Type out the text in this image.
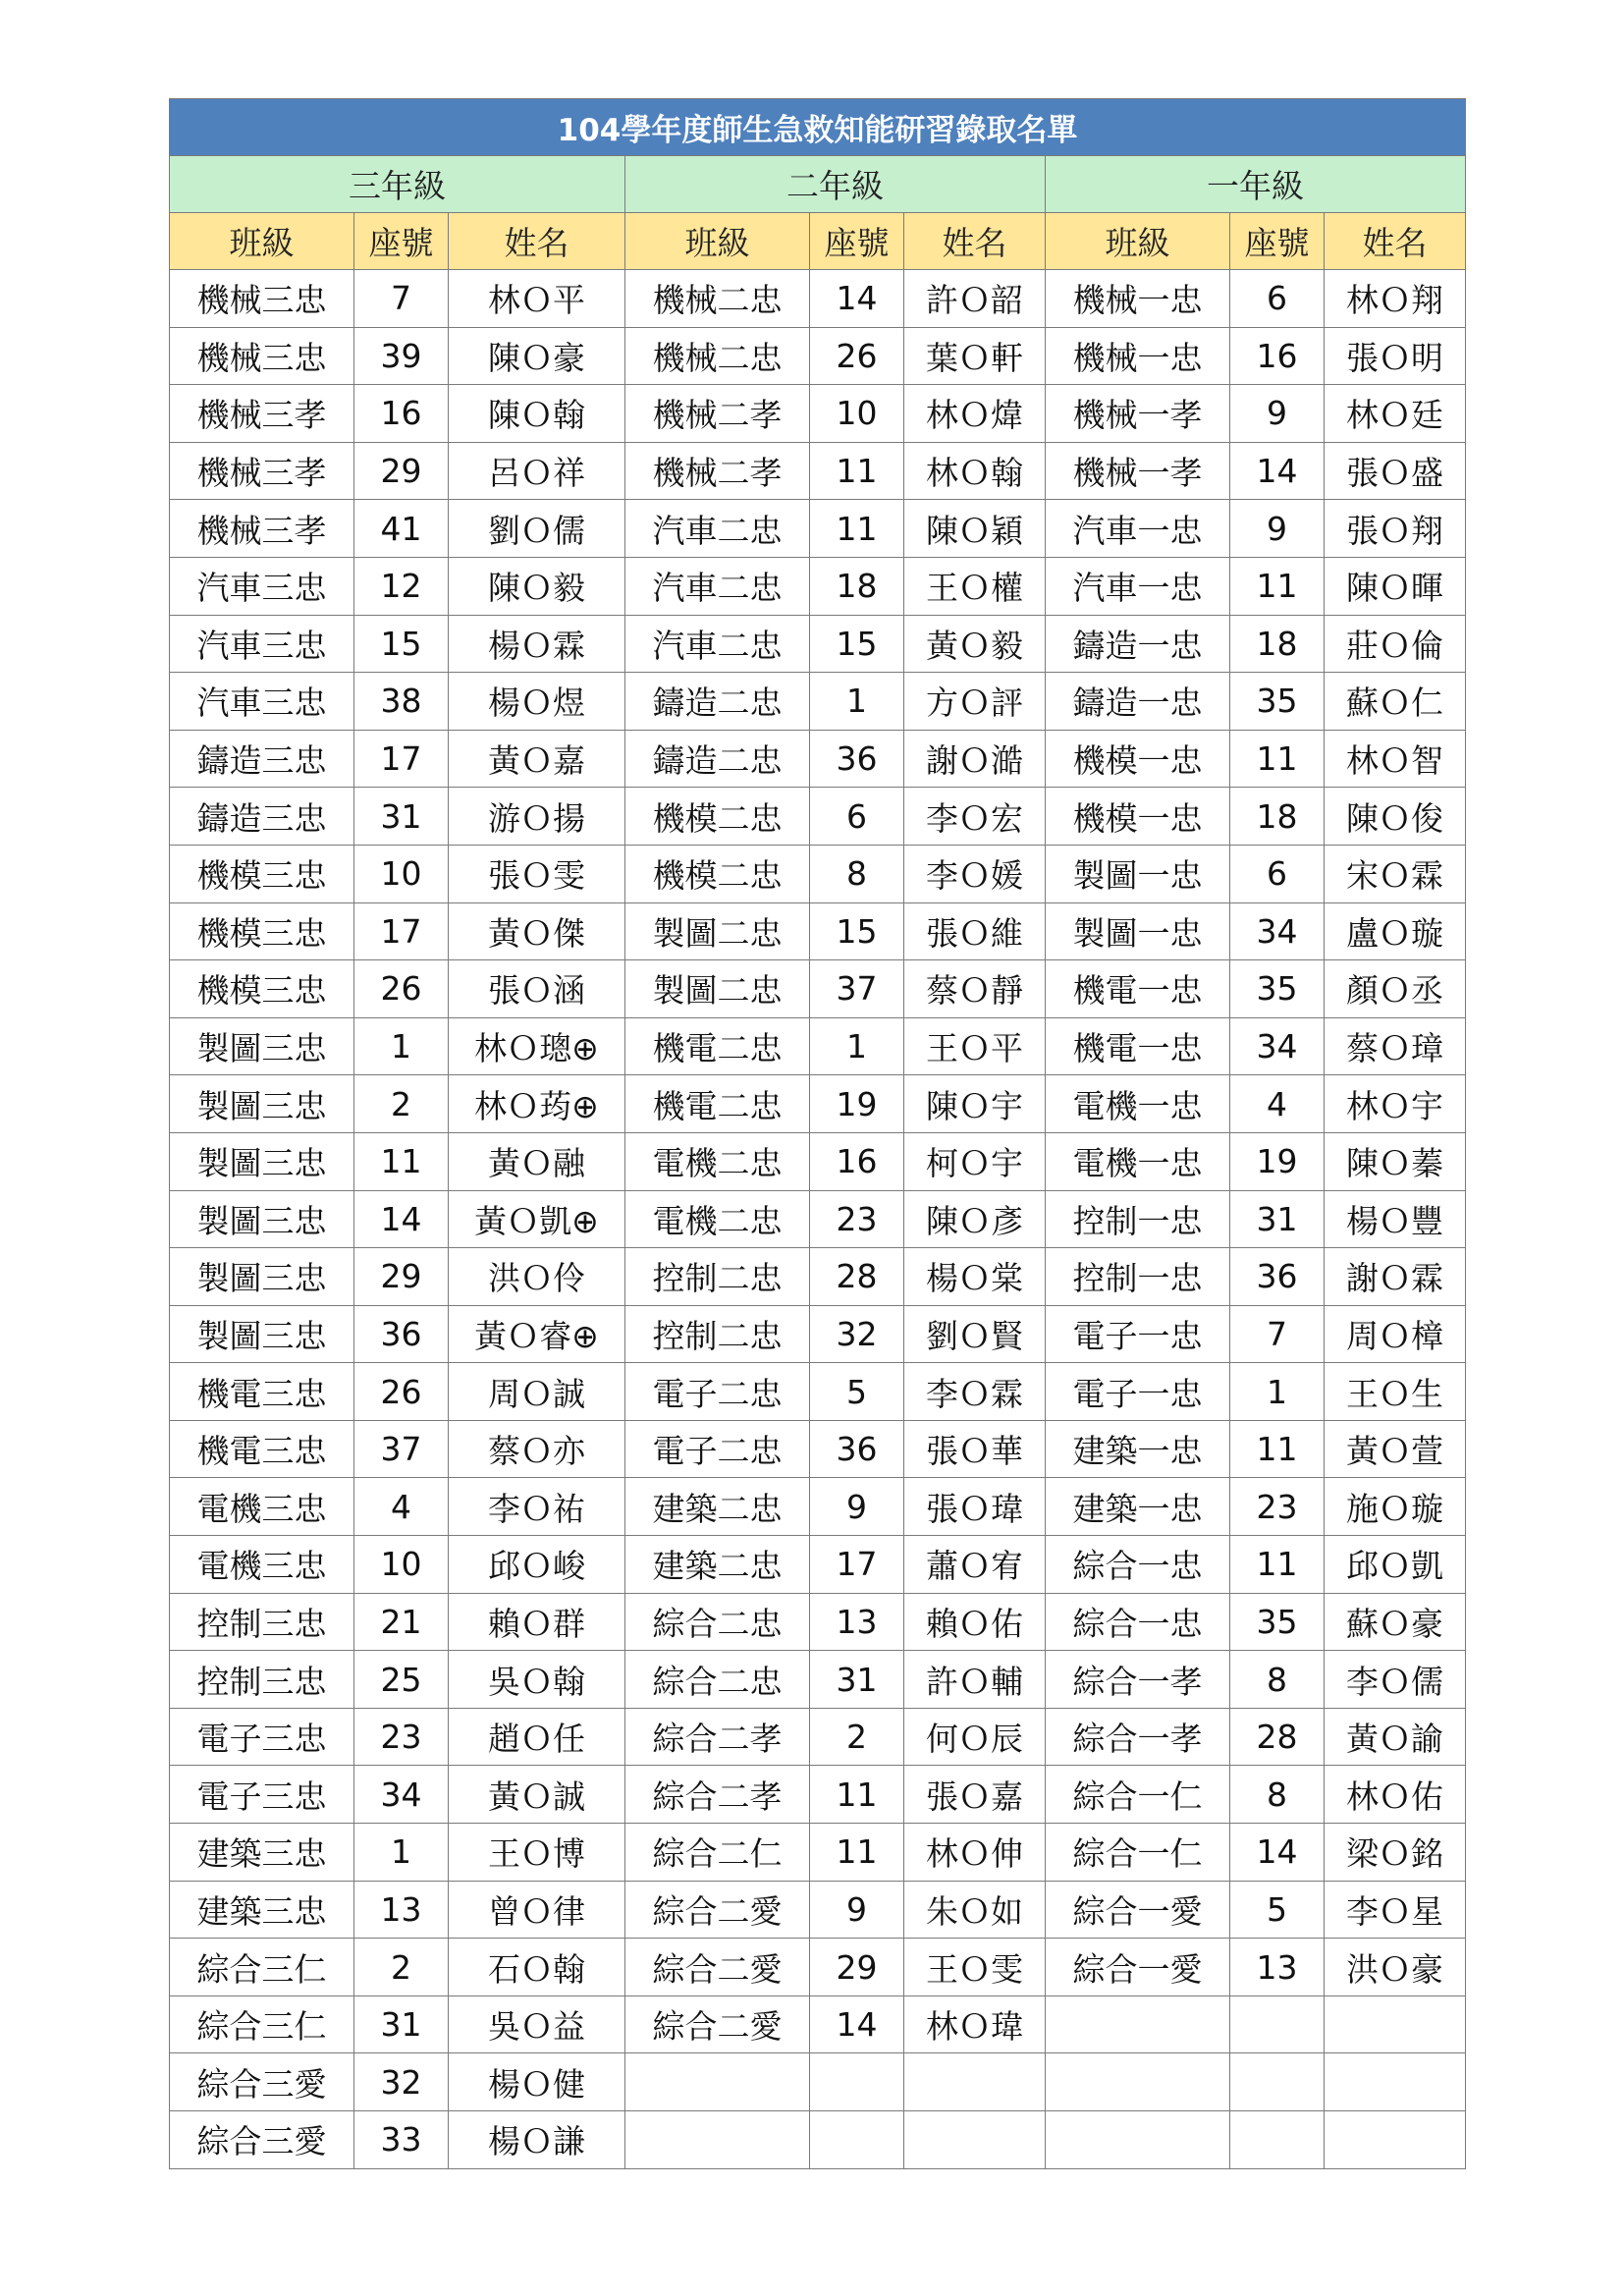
104學年度師生急救知能研習錄取名單								
三年級			二年級			一年級		
班級	座號	姓名	班級	座號	姓名	班級	座號	姓名
機械三忠	7	林Ｏ平	機械二忠	14	許Ｏ韶	機械一忠	6	林Ｏ翔
機械三忠	39	陳Ｏ豪	機械二忠	26	葉Ｏ軒	機械一忠	16	張Ｏ明
機械三孝	16	陳Ｏ翰	機械二孝	10	林Ｏ煒	機械一孝	9	林Ｏ廷
機械三孝	29	呂Ｏ祥	機械二孝	11	林Ｏ翰	機械一孝	14	張Ｏ盛
機械三孝	41	劉Ｏ儒	汽車二忠	11	陳Ｏ穎	汽車一忠	9	張Ｏ翔
汽車三忠	12	陳Ｏ毅	汽車二忠	18	王Ｏ權	汽車一忠	11	陳Ｏ暉
汽車三忠	15	楊Ｏ霖	汽車二忠	15	黃Ｏ毅	鑄造一忠	18	莊Ｏ倫
汽車三忠	38	楊Ｏ煜	鑄造二忠	1	方Ｏ評	鑄造一忠	35	蘇Ｏ仁
鑄造三忠	17	黃Ｏ嘉	鑄造二忠	36	謝Ｏ澔	機模一忠	11	林Ｏ智
鑄造三忠	31	游Ｏ揚	機模二忠	6	李Ｏ宏	機模一忠	18	陳Ｏ俊
機模三忠	10	張Ｏ雯	機模二忠	8	李Ｏ媛	製圖一忠	6	宋Ｏ霖
機模三忠	17	黃Ｏ傑	製圖二忠	15	張Ｏ維	製圖一忠	34	盧Ｏ璇
機模三忠	26	張Ｏ涵	製圖二忠	37	蔡Ｏ靜	機電一忠	35	顏Ｏ丞
製圖三忠	1	林Ｏ璁⊕	機電二忠	1	王Ｏ平	機電一忠	34	蔡Ｏ璋
製圖三忠	2	林Ｏ荺⊕	機電二忠	19	陳Ｏ宇	電機一忠	4	林Ｏ宇
製圖三忠	11	黃Ｏ融	電機二忠	16	柯Ｏ宇	電機一忠	19	陳Ｏ蓁
製圖三忠	14	黃Ｏ凱⊕	電機二忠	23	陳Ｏ彥	控制一忠	31	楊Ｏ豐
製圖三忠	29	洪Ｏ伶	控制二忠	28	楊Ｏ棠	控制一忠	36	謝Ｏ霖
製圖三忠	36	黃Ｏ睿⊕	控制二忠	32	劉Ｏ賢	電子一忠	7	周Ｏ樟
機電三忠	26	周Ｏ誠	電子二忠	5	李Ｏ霖	電子一忠	1	王Ｏ生
機電三忠	37	蔡Ｏ亦	電子二忠	36	張Ｏ華	建築一忠	11	黃Ｏ萱
電機三忠	4	李Ｏ祐	建築二忠	9	張Ｏ瑋	建築一忠	23	施Ｏ璇
電機三忠	10	邱Ｏ峻	建築二忠	17	蕭Ｏ宥	綜合一忠	11	邱Ｏ凱
控制三忠	21	賴Ｏ群	綜合二忠	13	賴Ｏ佑	綜合一忠	35	蘇Ｏ豪
控制三忠	25	吳Ｏ翰	綜合二忠	31	許Ｏ輔	綜合一孝	8	李Ｏ儒
電子三忠	23	趙Ｏ任	綜合二孝	2	何Ｏ辰	綜合一孝	28	黃Ｏ諭
電子三忠	34	黃Ｏ誠	綜合二孝	11	張Ｏ嘉	綜合一仁	8	林Ｏ佑
建築三忠	1	王Ｏ博	綜合二仁	11	林Ｏ伸	綜合一仁	14	梁Ｏ銘
建築三忠	13	曾Ｏ律	綜合二愛	9	朱Ｏ如	綜合一愛	5	李Ｏ星
綜合三仁	2	石Ｏ翰	綜合二愛	29	王Ｏ雯	綜合一愛	13	洪Ｏ豪
綜合三仁	31	吳Ｏ益	綜合二愛	14	林Ｏ瑋			
綜合三愛	32	楊Ｏ健						
綜合三愛	33	楊Ｏ謙						
